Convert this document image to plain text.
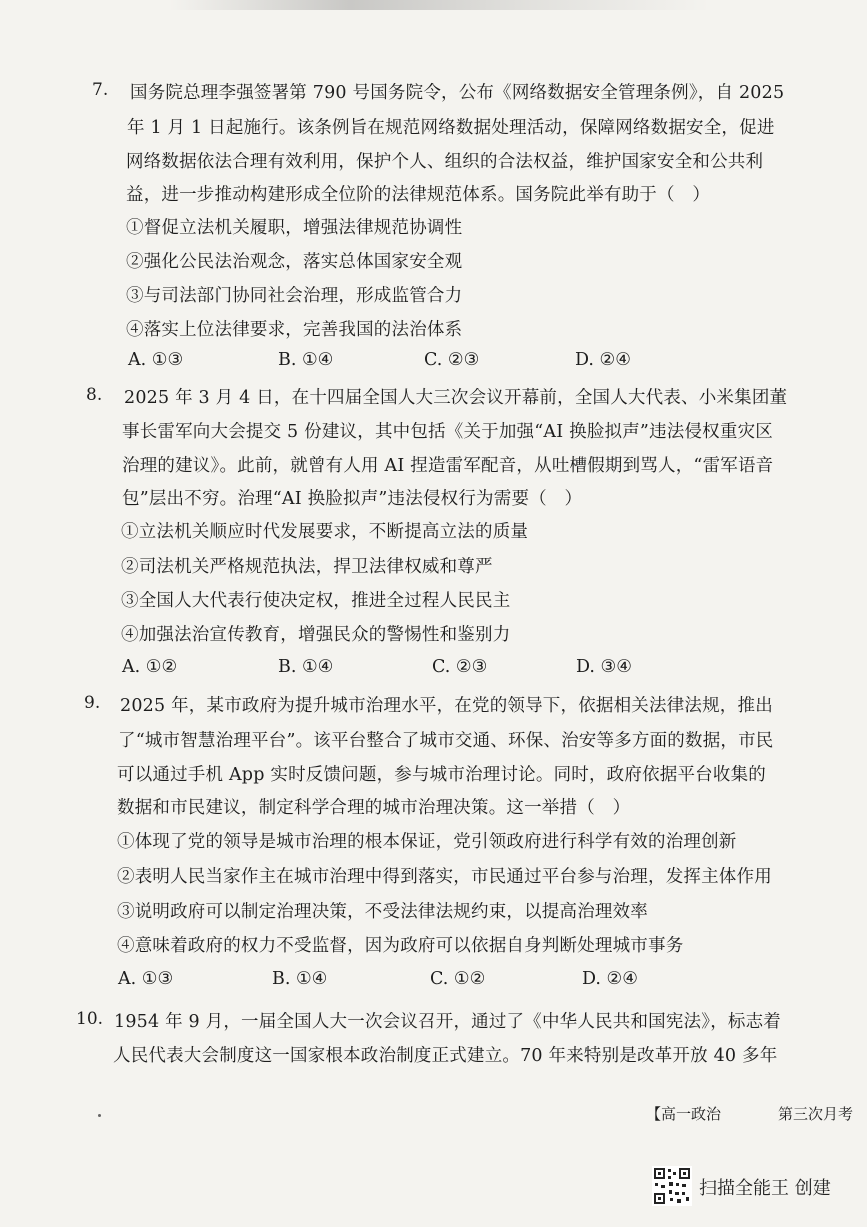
7. 国务院总理李强签署第 790 号国务院令，公布《网络数据安全管理条例》，自 2025
年 1 月 1 日起施行。该条例旨在规范网络数据处理活动，保障网络数据安全，促进
网络数据依法合理有效利用，保护个人、组织的合法权益，维护国家安全和公共利
益，进一步推动构建形成全位阶的法律规范体系。国务院此举有助于（　）
①督促立法机关履职，增强法律规范协调性
②强化公民法治观念，落实总体国家安全观
③与司法部门协同社会治理，形成监管合力
④落实上位法律要求，完善我国的法治体系
A. ①③	B. ①④	C. ②③	D. ②④
8. 2025 年 3 月 4 日，在十四届全国人大三次会议开幕前，全国人大代表、小米集团董
事长雷军向大会提交 5 份建议，其中包括《关于加强“AI 换脸拟声”违法侵权重灾区
治理的建议》。此前，就曾有人用 AI 捏造雷军配音，从吐槽假期到骂人，“雷军语音
包”层出不穷。治理“AI 换脸拟声”违法侵权行为需要（　）
①立法机关顺应时代发展要求，不断提高立法的质量
②司法机关严格规范执法，捍卫法律权威和尊严
③全国人大代表行使决定权，推进全过程人民民主
④加强法治宣传教育，增强民众的警惕性和鉴别力
A. ①②	B. ①④	C. ②③	D. ③④
9. 2025 年，某市政府为提升城市治理水平，在党的领导下，依据相关法律法规，推出
了“城市智慧治理平台”。该平台整合了城市交通、环保、治安等多方面的数据，市民
可以通过手机 App 实时反馈问题，参与城市治理讨论。同时，政府依据平台收集的
数据和市民建议，制定科学合理的城市治理决策。这一举措（　）
①体现了党的领导是城市治理的根本保证，党引领政府进行科学有效的治理创新
②表明人民当家作主在城市治理中得到落实，市民通过平台参与治理，发挥主体作用
③说明政府可以制定治理决策，不受法律法规约束，以提高治理效率
④意味着政府的权力不受监督，因为政府可以依据自身判断处理城市事务
A. ①③	B. ①④	C. ①②	D. ②④
10. 1954 年 9 月，一届全国人大一次会议召开，通过了《中华人民共和国宪法》，标志着
人民代表大会制度这一国家根本政治制度正式建立。70 年来特别是改革开放 40 多年
【高一政治	第三次月考
扫描全能王 创建
